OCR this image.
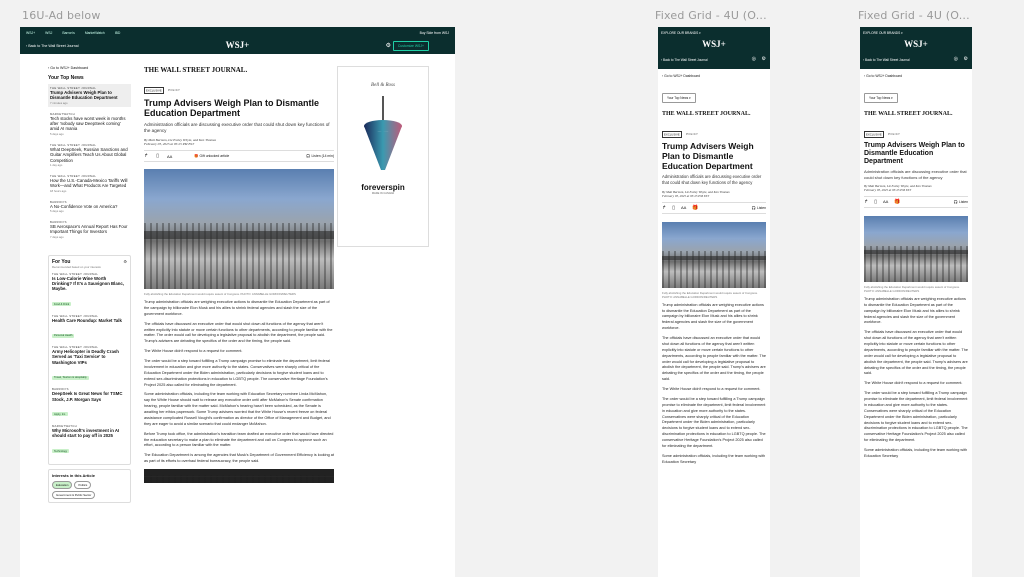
16U-Ad below	Fixed Grid - 4U (O...	Fixed Grid - 4U (O...
WSJ+	WSJ	Barron's	MarketWatch	IBD	Buy Side from WSJ
‹ Back to The Wall Street Journal	WSJ+	⚙	Customize WSJ+
‹ Go to WSJ+ Dashboard
Your Top News
THE WALL STREET JOURNAL
Trump Advisers Weigh Plan to Dismantle Education Department
7 minutes ago
MARKETWATCH
Tech stocks have worst week in months after 'nobody saw DeepSeek coming' amid AI mania
5 days ago
THE WALL STREET JOURNAL
What DeepSeek, Russian Sanctions and Guitar Amplifiers Teach Us About Global Competition
1 day ago
THE WALL STREET JOURNAL
How the U.S.-Canada-Mexico Tariffs Will Work—and What Products Are Targeted
18 hours ago
BARRON'S
A No-Confidence Vote on America?
5 days ago
BARRON'S
SB Aerospace's Annual Report Has Four Important Things for Investors
7 days ago
For You	⚙
Recommended based on your interests
THE WALL STREET JOURNAL
Is Low-Calorie Wine Worth Drinking? If It's a Sauvignon Blanc, Maybe.
Food & Drink
THE WALL STREET JOURNAL
Health Care Roundup: Market Talk
Personal Health
THE WALL STREET JOURNAL
Army Helicopter in Deadly Crash Served as 'Taxi Service' to Washington VIPs
Travel, Tourism & Hospitality
BARRON'S
DeepSeek Is Great News for TSMC Stock, J.P. Morgan Says
Apply, Inc.
MARKETWATCH
Why Microsoft's investment in AI should start to pay off in 2025
Technology
Interests in this Article
Education	Politics
Government & Public Sector
THE WALL STREET JOURNAL.
EXCLUSIVE POLICY
Trump Advisers Weigh Plan to Dismantle Education Department
Administration officials are discussing executive order that could shut down key functions of the agency
By Matt Barnum, Liz Essley Whyte, and Ken Thomas
February 03, 2025 at 05:25 PM EST
↱ ▯ AA	🎁 Gift unlocked article	🎧 Listen (14 min)
Fully abolishing the Education Department would require assent of Congress. PHOTO: ANNABELLE GORDON/REUTERS

Trump administration officials are weighing executive actions to dismantle the Education Department as part of the campaign by billionaire Elon Musk and his allies to shrink federal agencies and slash the size of the government workforce.

The officials have discussed an executive order that would shut down all functions of the agency that aren't written explicitly into statute or move certain functions to other departments, according to people familiar with the matter. The order would call for developing a legislative proposal to abolish the department, the people said. Trump's advisers are debating the specifics of the order and the timing, the people said.

The White House didn't respond to a request for comment.

The order would be a step toward fulfilling a Trump campaign promise to eliminate the department, limit federal involvement in education and give more authority to the states. Conservatives were sharply critical of the Education Department under the Biden administration, particularly decisions to forgive student loans and to extend sex-discrimination protections in education to LGBTQ people. The conservative Heritage Foundation's Project 2025 also called for eliminating the department.

Some administration officials, including the team working with Education Secretary nominee Linda McMahon, say the White House should wait to release any executive order until after McMahon's Senate confirmation hearing, people familiar with the matter said. McMahon's hearing hasn't been scheduled, as the Senate is awaiting her ethics paperwork. Some Trump advisers worried that the White House's recent freeze on federal assistance complicated Russell Vought's confirmation as director of the Office of Management and Budget, and they are eager to avoid a similar scenario that could endanger McMahon.

Before Trump took office, the administration's transition team drafted an executive order that would have directed the education secretary to make a plan to eliminate the department and call on Congress to approve such an effort, according to a person familiar with the matter.

The Education Department is among the agencies that Musk's Department of Government Efficiency is looking at as part of its efforts to overhaul federal bureaucracy, the people said.

Bell & Ross
foreverspin
MADE IN CANADA
EXPLORE OUR BRANDS ▾
WSJ+
‹ Back to The Wall Street Journal	◎ ⚙
‹ Go to WSJ+ Dashboard
Your Top News ▾
THE WALL STREET JOURNAL.
EXCLUSIVE POLICY
Trump Advisers Weigh Plan to Dismantle Education Department
Administration officials are discussing executive order that could shut down key functions of the agency
By Matt Barnum, Liz Essley Whyte, and Ken Thomas
February 03, 2025 at 05:25 PM EST
↱ ▯ AA 🎁	🎧 Listen
Fully abolishing the Education Department would require assent of Congress. PHOTO: ANNABELLE GORDON/REUTERS

Trump administration officials are weighing executive actions to dismantle the Education Department as part of the campaign by billionaire Elon Musk and his allies to shrink federal agencies and slash the size of the government workforce.

The officials have discussed an executive order that would shut down all functions of the agency that aren't written explicitly into statute or move certain functions to other departments, according to people familiar with the matter. The order would call for developing a legislative proposal to abolish the department, the people said. Trump's advisers are debating the specifics of the order and the timing, the people said.

The White House didn't respond to a request for comment.

The order would be a step toward fulfilling a Trump campaign promise to eliminate the department, limit federal involvement in education and give more authority to the states. Conservatives were sharply critical of the Education Department under the Biden administration, particularly decisions to forgive student loans and to extend sex-discrimination protections in education to LGBTQ people. The conservative Heritage Foundation's Project 2025 also called for eliminating the department.

Some administration officials, including the team working with Education Secretary
EXPLORE OUR BRANDS ▾
WSJ+
‹ Back to The Wall Street Journal	◎ ⚙
‹ Go to WSJ+ Dashboard
Your Top News ▾
THE WALL STREET JOURNAL.
EXCLUSIVE POLICY
Trump Advisers Weigh Plan to Dismantle Education Department
Administration officials are discussing executive order that could shut down key functions of the agency
By Matt Barnum, Liz Essley Whyte, and Ken Thomas
February 03, 2025 at 05:25 PM EST
↱ ▯ AA 🎁	🎧 Listen
Fully abolishing the Education Department would require assent of Congress. PHOTO: ANNABELLE GORDON/REUTERS

Trump administration officials are weighing executive actions to dismantle the Education Department as part of the campaign by billionaire Elon Musk and his allies to shrink federal agencies and slash the size of the government workforce.

The officials have discussed an executive order that would shut down all functions of the agency that aren't written explicitly into statute or move certain functions to other departments, according to people familiar with the matter. The order would call for developing a legislative proposal to abolish the department, the people said. Trump's advisers are debating the specifics of the order and the timing, the people said.

The White House didn't respond to a request for comment.

The order would be a step toward fulfilling a Trump campaign promise to eliminate the department, limit federal involvement in education and give more authority to the states. Conservatives were sharply critical of the Education Department under the Biden administration, particularly decisions to forgive student loans and to extend sex-discrimination protections in education to LGBTQ people. The conservative Heritage Foundation's Project 2025 also called for eliminating the department.

Some administration officials, including the team working with Education Secretary
